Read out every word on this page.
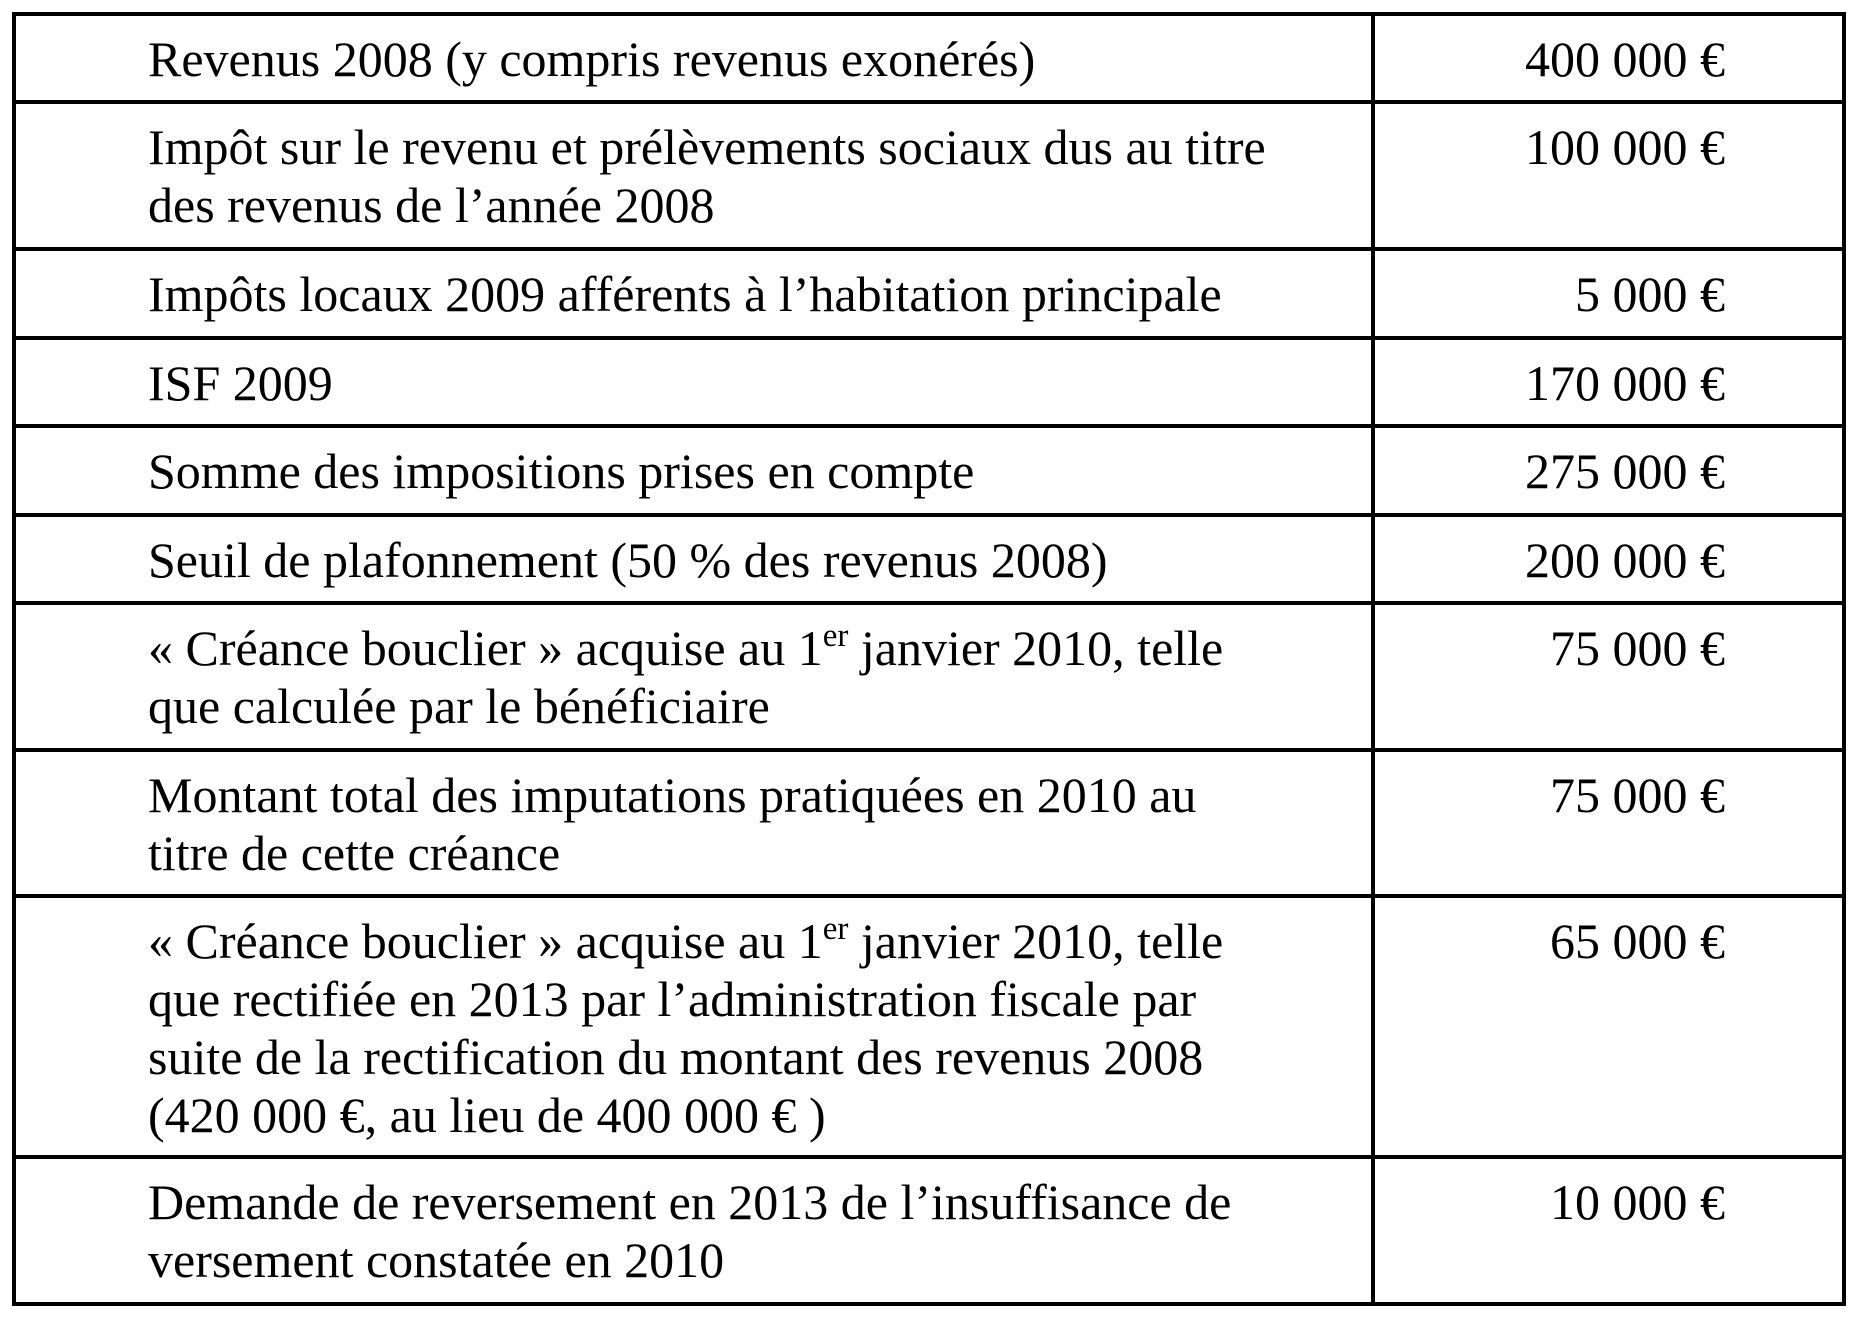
Revenus 2008 (y compris revenus exonérés)	400 000 €
Impôt sur le revenu et prélèvements sociaux dus au titre
des revenus de l’année 2008
100 000 €
Impôts locaux 2009 afférents à l’habitation principale	5 000 €
ISF 2009	170 000 €
Somme des impositions prises en compte	275 000 €
Seuil de plafonnement (50 % des revenus 2008)	200 000 €
« Créance bouclier » acquise au 1er janvier 2010, telle
que calculée par le bénéficiaire
75 000 €
Montant total des imputations pratiquées en 2010 au
titre de cette créance
75 000 €
« Créance bouclier » acquise au 1er janvier 2010, telle
que rectifiée en 2013 par l’administration fiscale par
suite de la rectification du montant des revenus 2008
(420 000 €, au lieu de 400 000 € )
65 000 €
Demande de reversement en 2013 de l’insuffisance de
versement constatée en 2010
10 000 €
